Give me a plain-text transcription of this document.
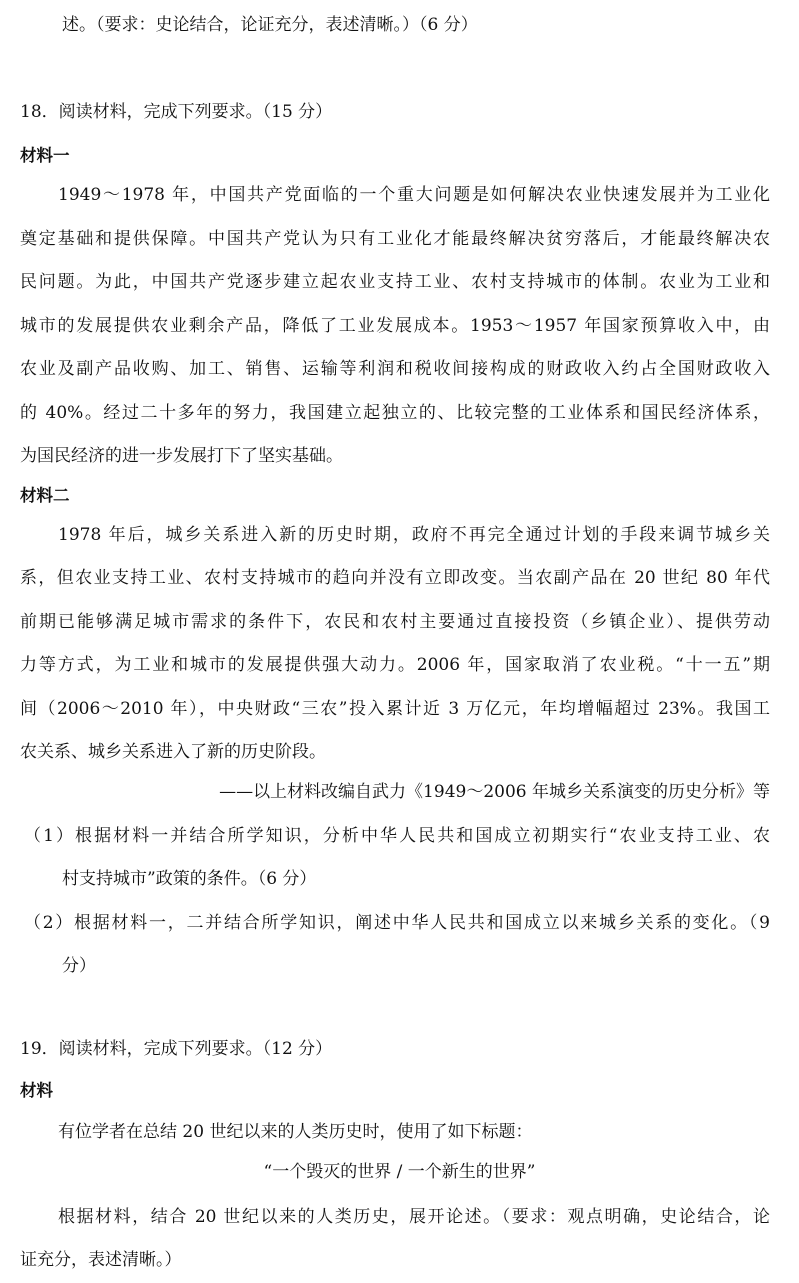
述。（要求：史论结合，论证充分，表述清晰。）（6 分）
18．阅读材料，完成下列要求。（15 分）
材料一
1949～1978 年，中国共产党面临的一个重大问题是如何解决农业快速发展并为工业化
奠定基础和提供保障。中国共产党认为只有工业化才能最终解决贫穷落后，才能最终解决农
民问题。为此，中国共产党逐步建立起农业支持工业、农村支持城市的体制。农业为工业和
城市的发展提供农业剩余产品，降低了工业发展成本。1953～1957 年国家预算收入中，由
农业及副产品收购、加工、销售、运输等利润和税收间接构成的财政收入约占全国财政收入
的 40%。经过二十多年的努力，我国建立起独立的、比较完整的工业体系和国民经济体系，
为国民经济的进一步发展打下了坚实基础。
材料二
1978 年后，城乡关系进入新的历史时期，政府不再完全通过计划的手段来调节城乡关
系，但农业支持工业、农村支持城市的趋向并没有立即改变。当农副产品在 20 世纪 80 年代
前期已能够满足城市需求的条件下，农民和农村主要通过直接投资（乡镇企业）、提供劳动
力等方式，为工业和城市的发展提供强大动力。2006 年，国家取消了农业税。“十一五”期
间（2006～2010 年），中央财政“三农”投入累计近 3 万亿元，年均增幅超过 23%。我国工
农关系、城乡关系进入了新的历史阶段。
——以上材料改编自武力《1949～2006 年城乡关系演变的历史分析》等
（1）根据材料一并结合所学知识，分析中华人民共和国成立初期实行“农业支持工业、农
村支持城市”政策的条件。（6 分）
（2）根据材料一，二并结合所学知识，阐述中华人民共和国成立以来城乡关系的变化。（9
分）
19．阅读材料，完成下列要求。（12 分）
材料
有位学者在总结 20 世纪以来的人类历史时，使用了如下标题：
“一个毁灭的世界 / 一个新生的世界”
根据材料，结合 20 世纪以来的人类历史，展开论述。（要求：观点明确，史论结合，论
证充分，表述清晰。）
